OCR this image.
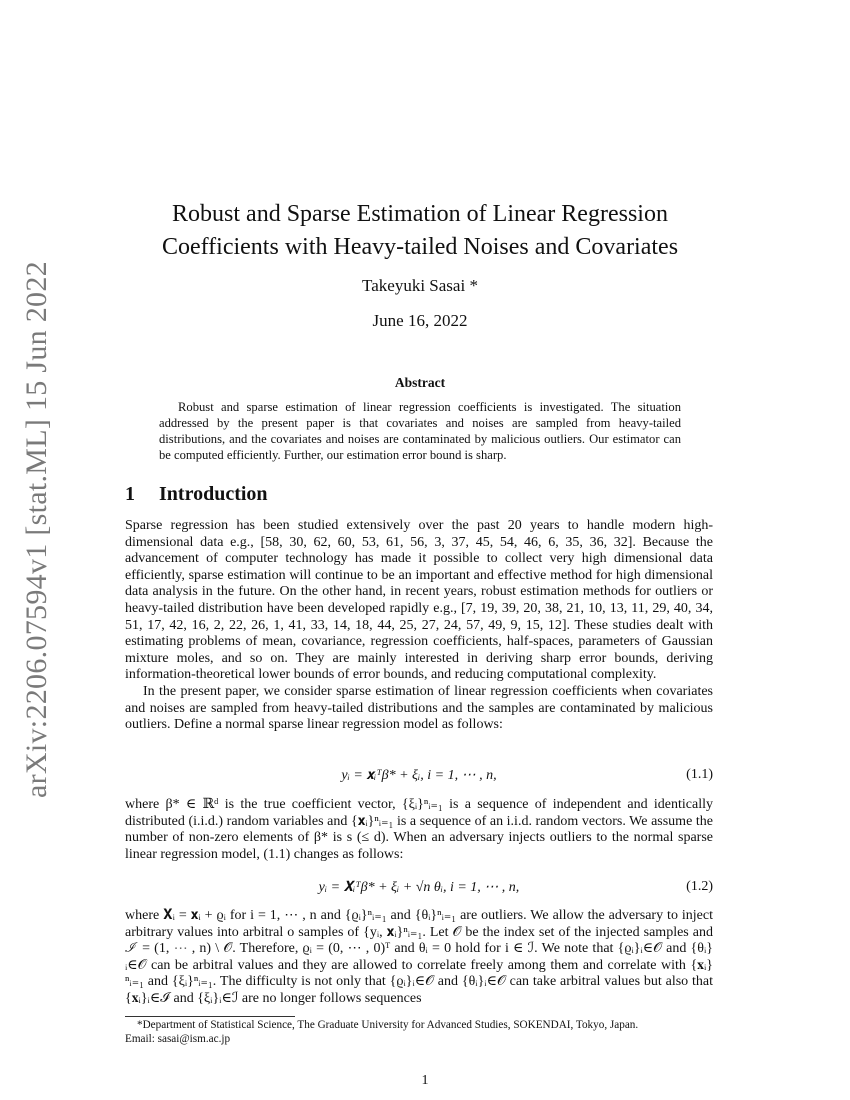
arXiv:2206.07594v1 [stat.ML] 15 Jun 2022
Robust and Sparse Estimation of Linear Regression
Coefficients with Heavy-tailed Noises and Covariates
Takeyuki Sasai *
June 16, 2022
Abstract

Robust and sparse estimation of linear regression coefficients is investigated. The situation addressed by the present paper is that covariates and noises are sampled from heavy-tailed distributions, and the covariates and noises are contaminated by malicious outliers. Our estimator can be computed efficiently. Further, our estimation error bound is sharp.

1 Introduction

Sparse regression has been studied extensively over the past 20 years to handle modern high-dimensional data e.g., [58, 30, 62, 60, 53, 61, 56, 3, 37, 45, 54, 46, 6, 35, 36, 32]. Because the advancement of computer technology has made it possible to collect very high dimensional data efficiently, sparse estimation will continue to be an important and effective method for high dimensional data analysis in the future. On the other hand, in recent years, robust estimation methods for outliers or heavy-tailed distribution have been developed rapidly e.g., [7, 19, 39, 20, 38, 21, 10, 13, 11, 29, 40, 34, 51, 17, 42, 16, 2, 22, 26, 1, 41, 33, 14, 18, 44, 25, 27, 24, 57, 49, 9, 15, 12]. These studies dealt with estimating problems of mean, covariance, regression coefficients, half-spaces, parameters of Gaussian mixture moles, and so on. They are mainly interested in deriving sharp error bounds, deriving information-theoretical lower bounds of error bounds, and reducing computational complexity.

In the present paper, we consider sparse estimation of linear regression coefficients when covariates and noises are sampled from heavy-tailed distributions and the samples are contaminated by malicious outliers. Define a normal sparse linear regression model as follows:

yᵢ = 𝐱ᵢᵀβ* + ξᵢ, i = 1, ⋯ , n,	(1.1)

where β* ∈ ℝᵈ is the true coefficient vector, {ξᵢ}ⁿᵢ₌₁ is a sequence of independent and identically distributed (i.i.d.) random variables and {𝐱ᵢ}ⁿᵢ₌₁ is a sequence of an i.i.d. random vectors. We assume the number of non-zero elements of β* is s (≤ d). When an adversary injects outliers to the normal sparse linear regression model, (1.1) changes as follows:

yᵢ = 𝐗ᵢᵀβ* + ξᵢ + √n θᵢ, i = 1, ⋯ , n,	(1.2)

where 𝐗ᵢ = 𝐱ᵢ + ϱᵢ for i = 1, ⋯ , n and {ϱᵢ}ⁿᵢ₌₁ and {θᵢ}ⁿᵢ₌₁ are outliers. We allow the adversary to inject arbitrary values into arbitral o samples of {yᵢ, 𝐱ᵢ}ⁿᵢ₌₁. Let 𝒪 be the index set of the injected samples and ℐ = (1, ⋯ , n) \ 𝒪. Therefore, ϱᵢ = (0, ⋯ , 0)ᵀ and θᵢ = 0 hold for i ∈ ℐ. We note that {ϱᵢ}ᵢ∈𝒪 and {θᵢ}ᵢ∈𝒪 can be arbitral values and they are allowed to correlate freely among them and correlate with {𝐱ᵢ}ⁿᵢ₌₁ and {ξᵢ}ⁿᵢ₌₁. The difficulty is not only that {ϱᵢ}ᵢ∈𝒪 and {θᵢ}ᵢ∈𝒪 can take arbitral values but also that {𝐱ᵢ}ᵢ∈ℐ and {ξᵢ}ᵢ∈ℐ are no longer follows sequences

*Department of Statistical Science, The Graduate University for Advanced Studies, SOKENDAI, Tokyo, Japan.
Email: sasai@ism.ac.jp
1
